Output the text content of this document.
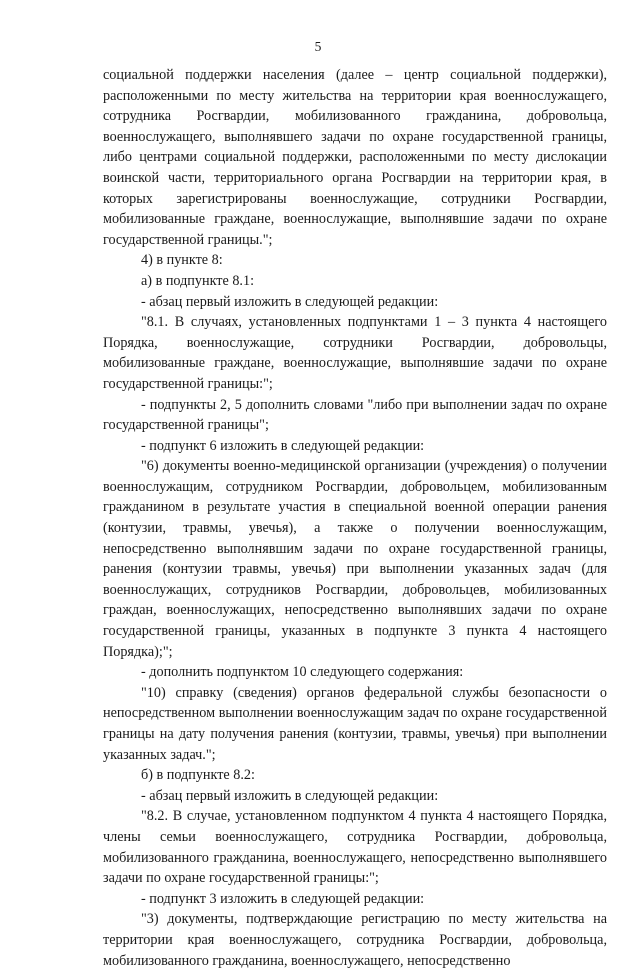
5

социальной поддержки населения (далее – центр социальной поддержки), расположенными по месту жительства на территории края военнослужащего, сотрудника Росгвардии, мобилизованного гражданина, добровольца, военнослужащего, выполнявшего задачи по охране государственной границы, либо центрами социальной поддержки, расположенными по месту дислокации воинской части, территориального органа Росгвардии на территории края, в которых зарегистрированы военнослужащие, сотрудники Росгвардии, мобилизованные граждане, военнослужащие, выполнявшие задачи по охране государственной границы.";

4) в пункте 8:

а) в подпункте 8.1:

- абзац первый изложить в следующей редакции:

"8.1. В случаях, установленных подпунктами 1 – 3 пункта 4 настоящего Порядка, военнослужащие, сотрудники Росгвардии, добровольцы, мобилизованные граждане, военнослужащие, выполнявшие задачи по охране государственной границы:";

- подпункты 2, 5 дополнить словами "либо при выполнении задач по охране государственной границы";

- подпункт 6 изложить в следующей редакции:

"6) документы военно-медицинской организации (учреждения) о получении военнослужащим, сотрудником Росгвардии, добровольцем, мобилизованным гражданином в результате участия в специальной военной операции ранения (контузии, травмы, увечья), а также о получении военнослужащим, непосредственно выполнявшим задачи по охране государственной границы, ранения (контузии травмы, увечья) при выполнении указанных задач (для военнослужащих, сотрудников Росгвардии, добровольцев, мобилизованных граждан, военнослужащих, непосредственно выполнявших задачи по охране государственной границы, указанных в подпункте 3 пункта 4 настоящего Порядка);";

- дополнить подпунктом 10 следующего содержания:

"10) справку (сведения) органов федеральной службы безопасности о непосредственном выполнении военнослужащим задач по охране государственной границы на дату получения ранения (контузии, травмы, увечья) при выполнении указанных задач.";

б) в подпункте 8.2:

- абзац первый изложить в следующей редакции:

"8.2. В случае, установленном подпунктом 4 пункта 4 настоящего Порядка, члены семьи военнослужащего, сотрудника Росгвардии, добровольца, мобилизованного гражданина, военнослужащего, непосредственно выполнявшего задачи по охране государственной границы:";

- подпункт 3 изложить в следующей редакции:

"3) документы, подтверждающие регистрацию по месту жительства на территории края военнослужащего, сотрудника Росгвардии, добровольца, мобилизованного гражданина, военнослужащего, непосредственно
